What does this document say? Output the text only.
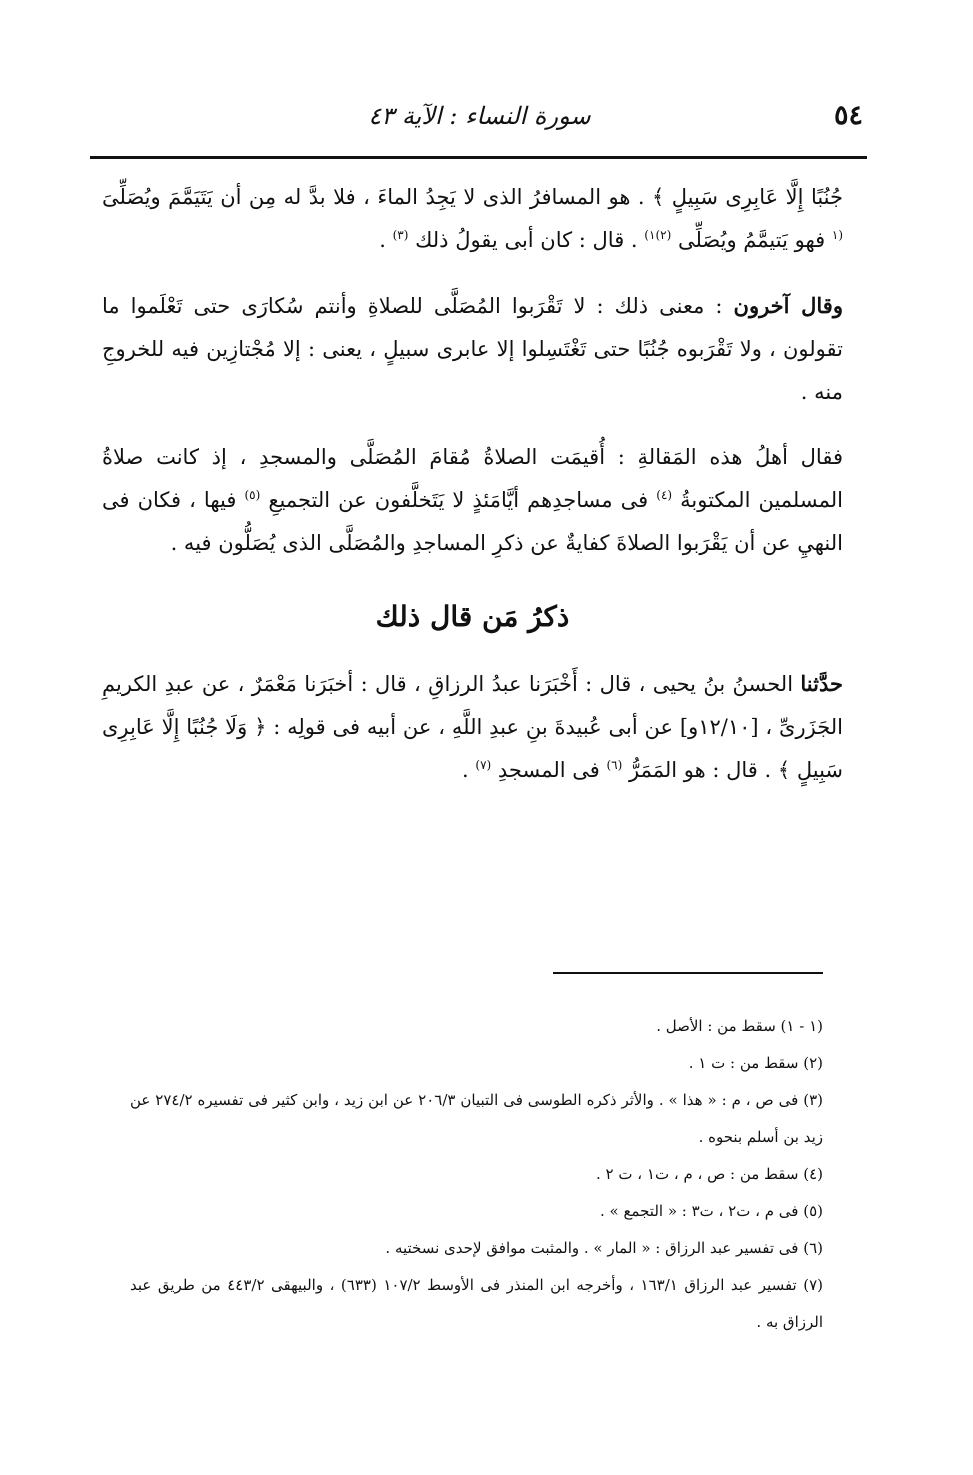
٥٤
سورة النساء : الآية ٤٣

جُنُبًا إِلَّا عَابِرِى سَبِيلٍ ﴾ . هو المسافرُ الذى لا يَجِدُ الماءَ ، فلا بدَّ له مِن أن يَتَيَمَّمَ ويُصَلِّىَ $^{(١}$ فهو يَتيمَّمُ ويُصَلِّى $^{(٢)١)}$ . قال : كان أبى يقولُ ذلك $^{(٣)}$ .

وقال آخرون : معنى ذلك : لا تَقْرَبوا المُصَلَّى للصلاةِ وأنتم سُكارَى حتى تَعْلَموا ما تقولون ، ولا تَقْرَبوه جُنُبًا حتى تَغْتَسِلوا إلا عابرى سبيلٍ ، يعنى : إلا مُجْتازِين فيه للخروجِ منه .

فقال أهلُ هذه المَقالةِ : أُقيمَت الصلاةُ مُقامَ المُصَلَّى والمسجدِ ، إذ كانت صلاةُ المسلمين المكتوبةُ $^{(٤)}$ فى مساجدِهم أيَّامَئذٍ لا يَتَخلَّفون عن التجميعِ $^{(٥)}$ فيها ، فكان فى النهيِ عن أن يَقْرَبوا الصلاةَ كفايةٌ عن ذكرِ المساجدِ والمُصَلَّى الذى يُصَلُّون فيه .

ذكرُ مَن قال ذلك

حدَّثنا الحسنُ بنُ يحيى ، قال : أَخْبَرَنا عبدُ الرزاقِ ، قال : أخبَرَنا مَعْمَرٌ ، عن عبدِ الكريمِ الجَزَرىِّ ، [١٢/١٠و] عن أبى عُبيدةَ بنِ عبدِ اللَّهِ ، عن أبيه فى قولِه : ﴿ وَلَا جُنُبًا إِلَّا عَابِرِى سَبِيلٍ ﴾ . قال : هو المَمَرُّ $^{(٦)}$ فى المسجدِ $^{(٧)}$ .

(١ - ١) سقط من : الأصل .

(٢) سقط من : ت ١ .

(٣) فى ص ، م : « هذا » . والأثر ذكره الطوسى فى التبيان ٢٠٦/٣ عن ابن زيد ، وابن كثير فى تفسيره ٢٧٤/٢ عن زيد بن أسلم بنحوه .

(٤) سقط من : ص ، م ، ت١ ، ت ٢ .

(٥) فى م ، ت٢ ، ت٣ : « التجمع » .

(٦) فى تفسير عبد الرزاق : « المار » . والمثبت موافق لإحدى نسختيه .

(٧) تفسير عبد الرزاق ١٦٣/١ ، وأخرجه ابن المنذر فى الأوسط ١٠٧/٢ (٦٣٣) ، والبيهقى ٤٤٣/٢ من طريق عبد الرزاق به .
